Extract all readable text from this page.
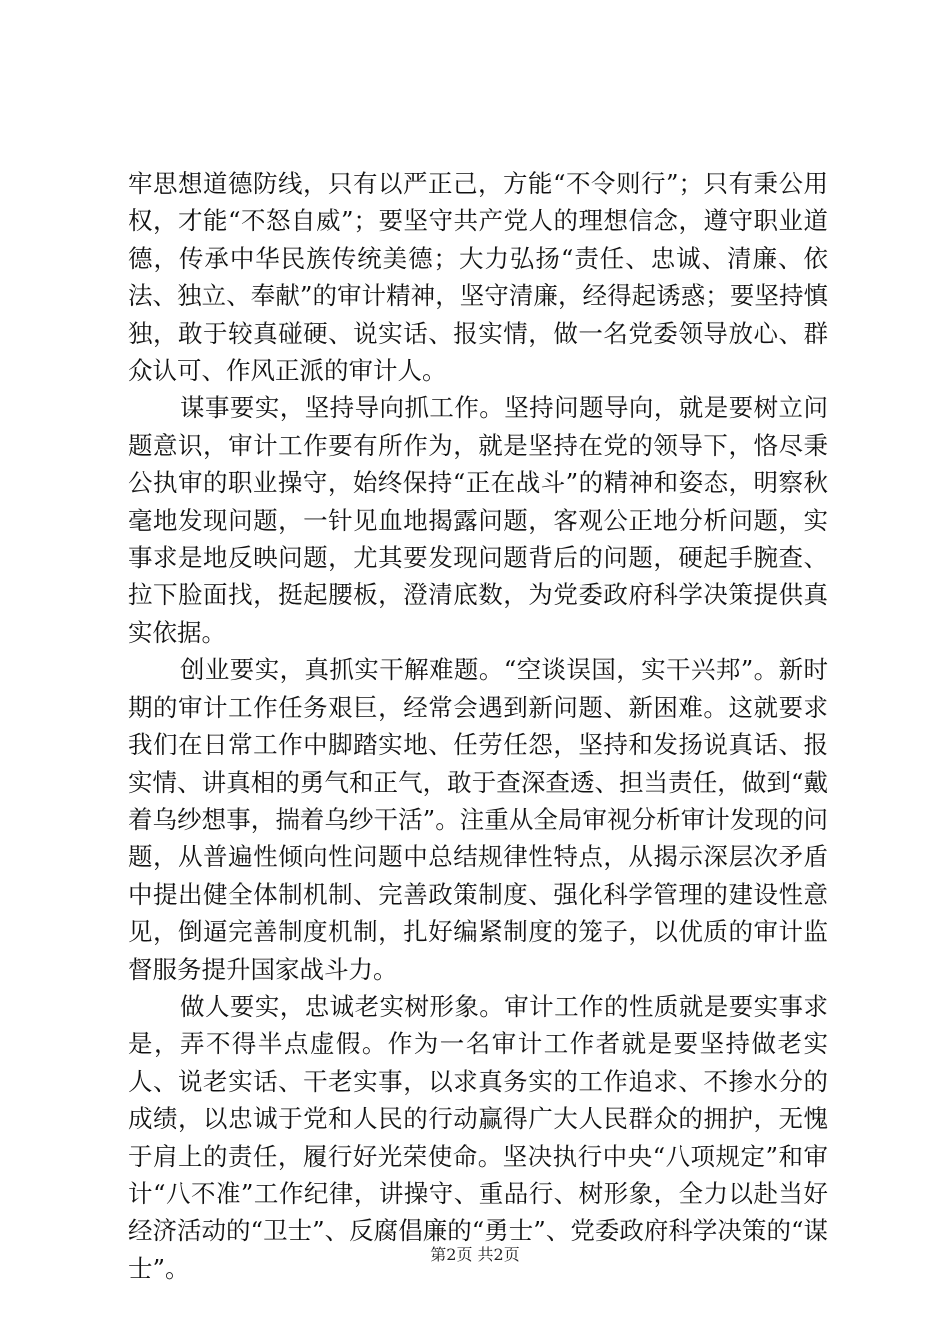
牢思想道德防线，只有以严正己，方能“不令则行”；只有秉公用权，才能“不怒自威”；要坚守共产党人的理想信念，遵守职业道德，传承中华民族传统美德；大力弘扬“责任、忠诚、清廉、依法、独立、奉献”的审计精神，坚守清廉，经得起诱惑；要坚持慎独，敢于较真碰硬、说实话、报实情，做一名党委领导放心、群众认可、作风正派的审计人。

谋事要实，坚持导向抓工作。坚持问题导向，就是要树立问题意识，审计工作要有所作为，就是坚持在党的领导下，恪尽秉公执审的职业操守，始终保持“正在战斗”的精神和姿态，明察秋毫地发现问题，一针见血地揭露问题，客观公正地分析问题，实事求是地反映问题，尤其要发现问题背后的问题，硬起手腕查、拉下脸面找，挺起腰板，澄清底数，为党委政府科学决策提供真实依据。

创业要实，真抓实干解难题。“空谈误国，实干兴邦”。新时期的审计工作任务艰巨，经常会遇到新问题、新困难。这就要求我们在日常工作中脚踏实地、任劳任怨，坚持和发扬说真话、报实情、讲真相的勇气和正气，敢于查深查透、担当责任，做到“戴着乌纱想事，揣着乌纱干活”。注重从全局审视分析审计发现的问题，从普遍性倾向性问题中总结规律性特点，从揭示深层次矛盾中提出健全体制机制、完善政策制度、强化科学管理的建设性意见，倒逼完善制度机制，扎好编紧制度的笼子，以优质的审计监督服务提升国家战斗力。

做人要实，忠诚老实树形象。审计工作的性质就是要实事求是，弄不得半点虚假。作为一名审计工作者就是要坚持做老实人、说老实话、干老实事，以求真务实的工作追求、不掺水分的成绩，以忠诚于党和人民的行动赢得广大人民群众的拥护，无愧于肩上的责任，履行好光荣使命。坚决执行中央“八项规定”和审计“八不准”工作纪律，讲操守、重品行、树形象，全力以赴当好经济活动的“卫士”、反腐倡廉的“勇士”、党委政府科学决策的“谋士”。	第2页 共2页
